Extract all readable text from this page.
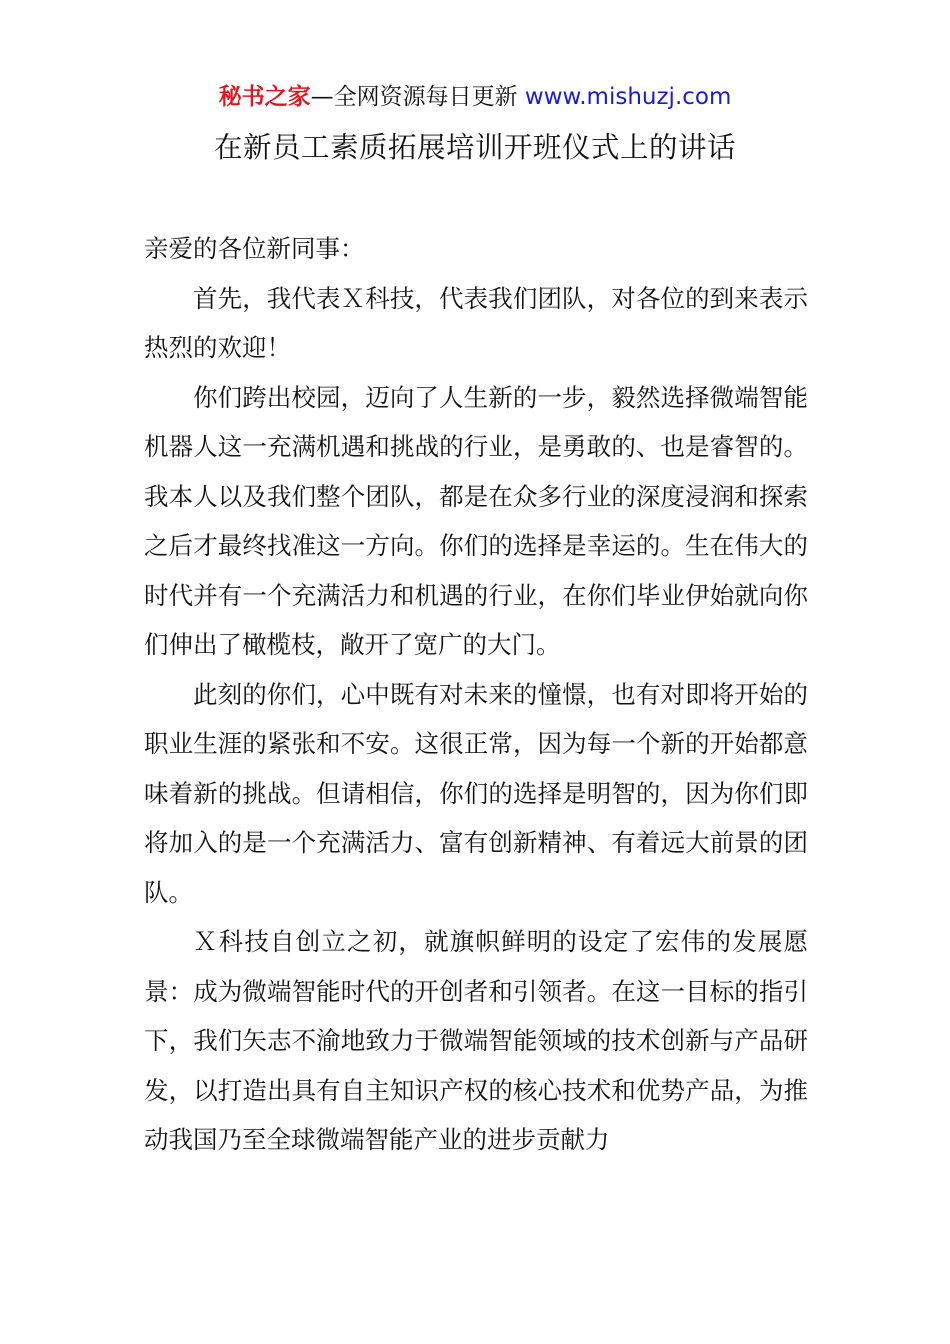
秘书之家—全网资源每日更新 www.mishuzj.com
在新员工素质拓展培训开班仪式上的讲话

亲爱的各位新同事：

首先，我代表Ｘ科技，代表我们团队，对各位的到来表示热烈的欢迎！

你们跨出校园，迈向了人生新的一步，毅然选择微端智能机器人这一充满机遇和挑战的行业，是勇敢的、也是睿智的。我本人以及我们整个团队，都是在众多行业的深度浸润和探索之后才最终找准这一方向。你们的选择是幸运的。生在伟大的时代并有一个充满活力和机遇的行业，在你们毕业伊始就向你们伸出了橄榄枝，敞开了宽广的大门。

此刻的你们，心中既有对未来的憧憬，也有对即将开始的职业生涯的紧张和不安。这很正常，因为每一个新的开始都意味着新的挑战。但请相信，你们的选择是明智的，因为你们即将加入的是一个充满活力、富有创新精神、有着远大前景的团队。

Ｘ科技自创立之初，就旗帜鲜明的设定了宏伟的发展愿景：成为微端智能时代的开创者和引领者。在这一目标的指引下，我们矢志不渝地致力于微端智能领域的技术创新与产品研发，以打造出具有自主知识产权的核心技术和优势产品，为推动我国乃至全球微端智能产业的进步贡献力
